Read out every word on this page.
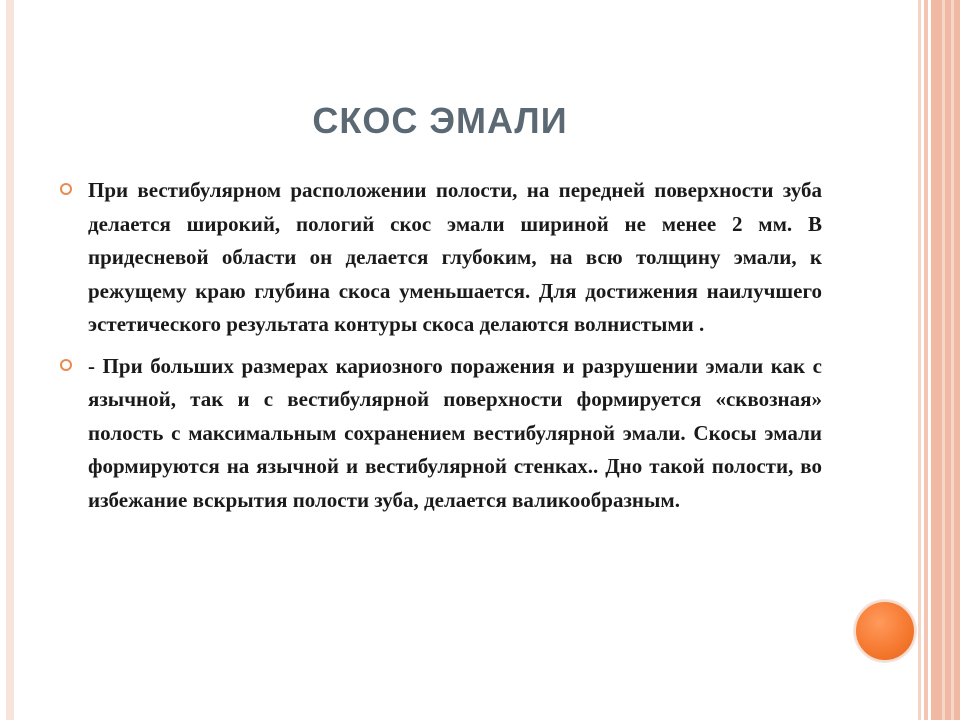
СКОС ЭМАЛИ
При вестибулярном расположении полости, на передней поверхности зуба делается широкий, пологий скос эмали шириной не менее 2 мм. В придесневой области он делается глубоким, на всю толщину эмали, к режущему краю глубина скоса уменьшается. Для достижения наилучшего эстетического результата контуры скоса делаются волнистыми .
- При больших размерах кариозного поражения и разрушении эмали как с язычной, так и с вестибулярной поверхности формируется «сквозная» полость с максимальным сохранением вестибулярной эмали. Скосы эмали формируются на язычной и вестибулярной стенках.. Дно такой полости, во избежание вскрытия полости зуба, делается валикообразным.
